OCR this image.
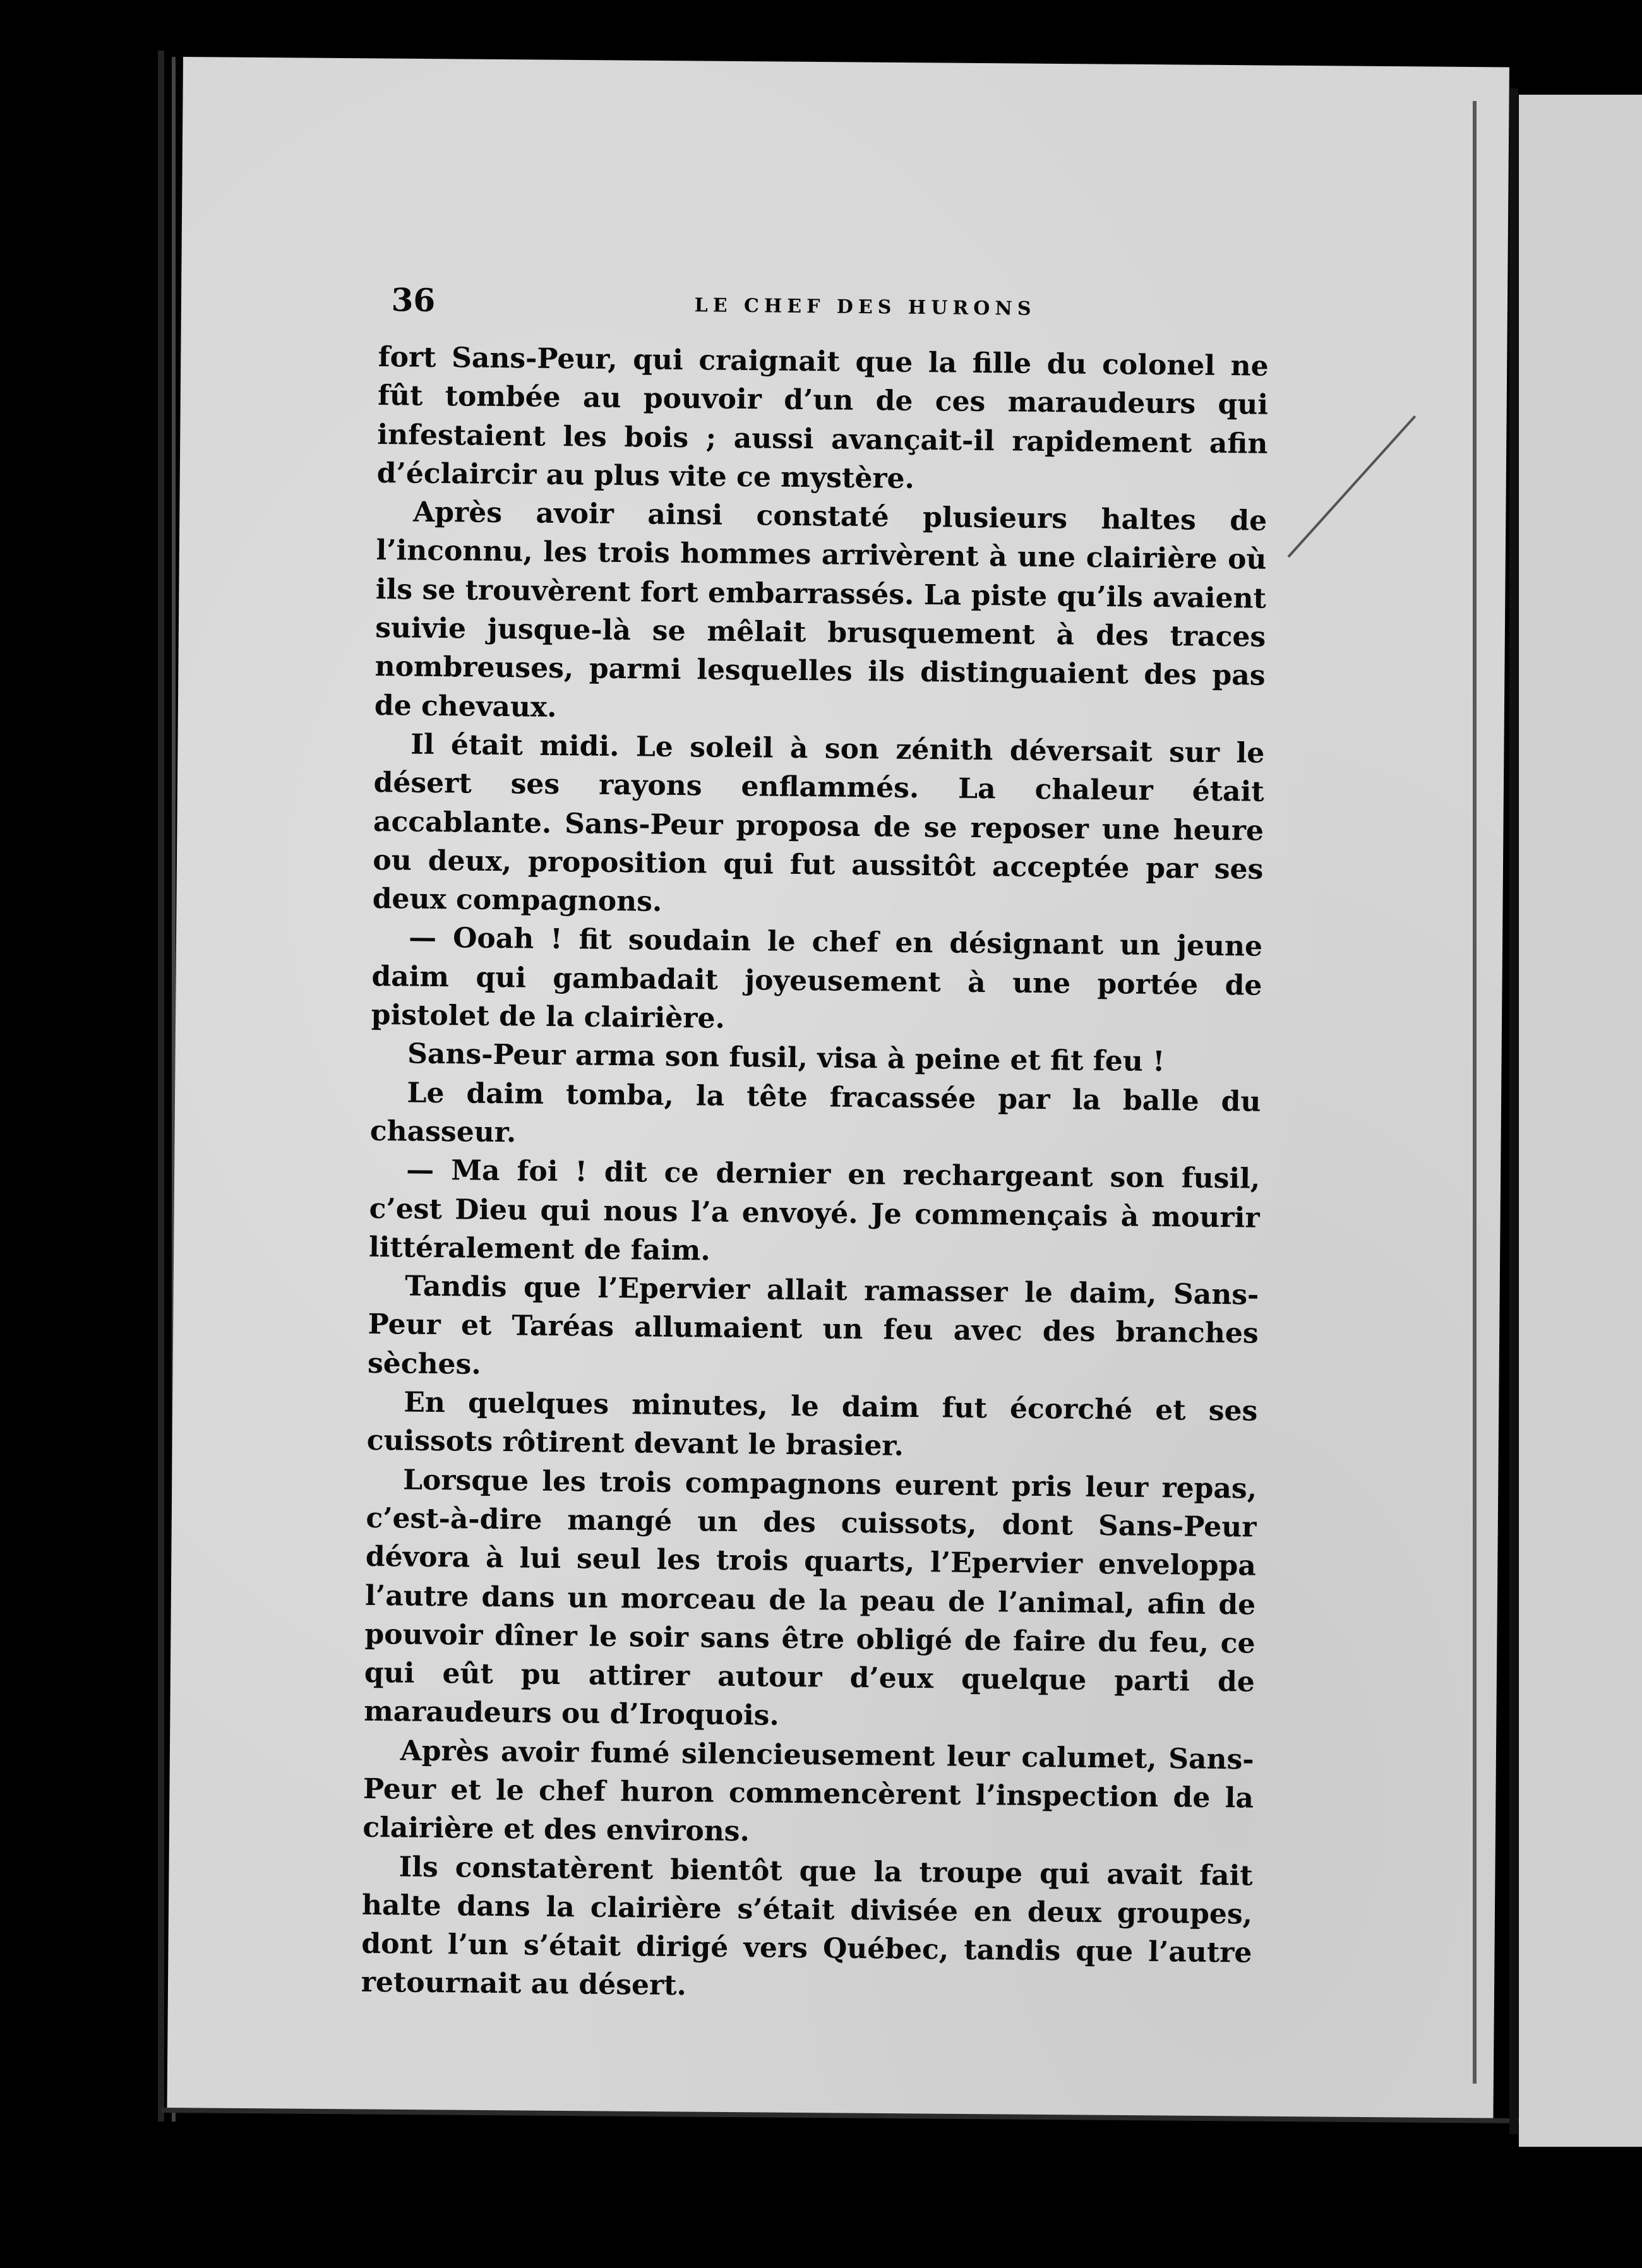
36	LE CHEF DES HURONS

fort Sans-Peur, qui craignait que la fille du colonel ne fût tombée au pouvoir d’un de ces maraudeurs qui infestaient les bois ; aussi avançait-il rapidement afin d’éclaircir au plus vite ce mystère.

Après avoir ainsi constaté plusieurs haltes de l’inconnu, les trois hommes arrivèrent à une clairière où ils se trouvèrent fort embarrassés. La piste qu’ils avaient suivie jusque-là se mêlait brusquement à des traces nombreuses, parmi lesquelles ils distinguaient des pas de chevaux.

Il était midi. Le soleil à son zénith déversait sur le désert ses rayons enflammés. La chaleur était accablante. Sans-Peur proposa de se reposer une heure ou deux, proposition qui fut aussitôt acceptée par ses deux compagnons.

— Ooah ! fit soudain le chef en désignant un jeune daim qui gambadait joyeusement à une portée de pistolet de la clairière.

Sans-Peur arma son fusil, visa à peine et fit feu !

Le daim tomba, la tête fracassée par la balle du chasseur.

— Ma foi ! dit ce dernier en rechargeant son fusil, c’est Dieu qui nous l’a envoyé. Je commençais à mourir littéralement de faim.

Tandis que l’Epervier allait ramasser le daim, Sans-Peur et Taréas allumaient un feu avec des branches sèches.

En quelques minutes, le daim fut écorché et ses cuissots rôtirent devant le brasier.

Lorsque les trois compagnons eurent pris leur repas, c’est-à-dire mangé un des cuissots, dont Sans-Peur dévora à lui seul les trois quarts, l’Epervier enveloppa l’autre dans un morceau de la peau de l’animal, afin de pouvoir dîner le soir sans être obligé de faire du feu, ce qui eût pu attirer autour d’eux quelque parti de maraudeurs ou d’Iroquois.

Après avoir fumé silencieusement leur calumet, Sans-Peur et le chef huron commencèrent l’inspection de la clairière et des environs.

Ils constatèrent bientôt que la troupe qui avait fait halte dans la clairière s’était divisée en deux groupes, dont l’un s’était dirigé vers Québec, tandis que l’autre retournait au désert.
